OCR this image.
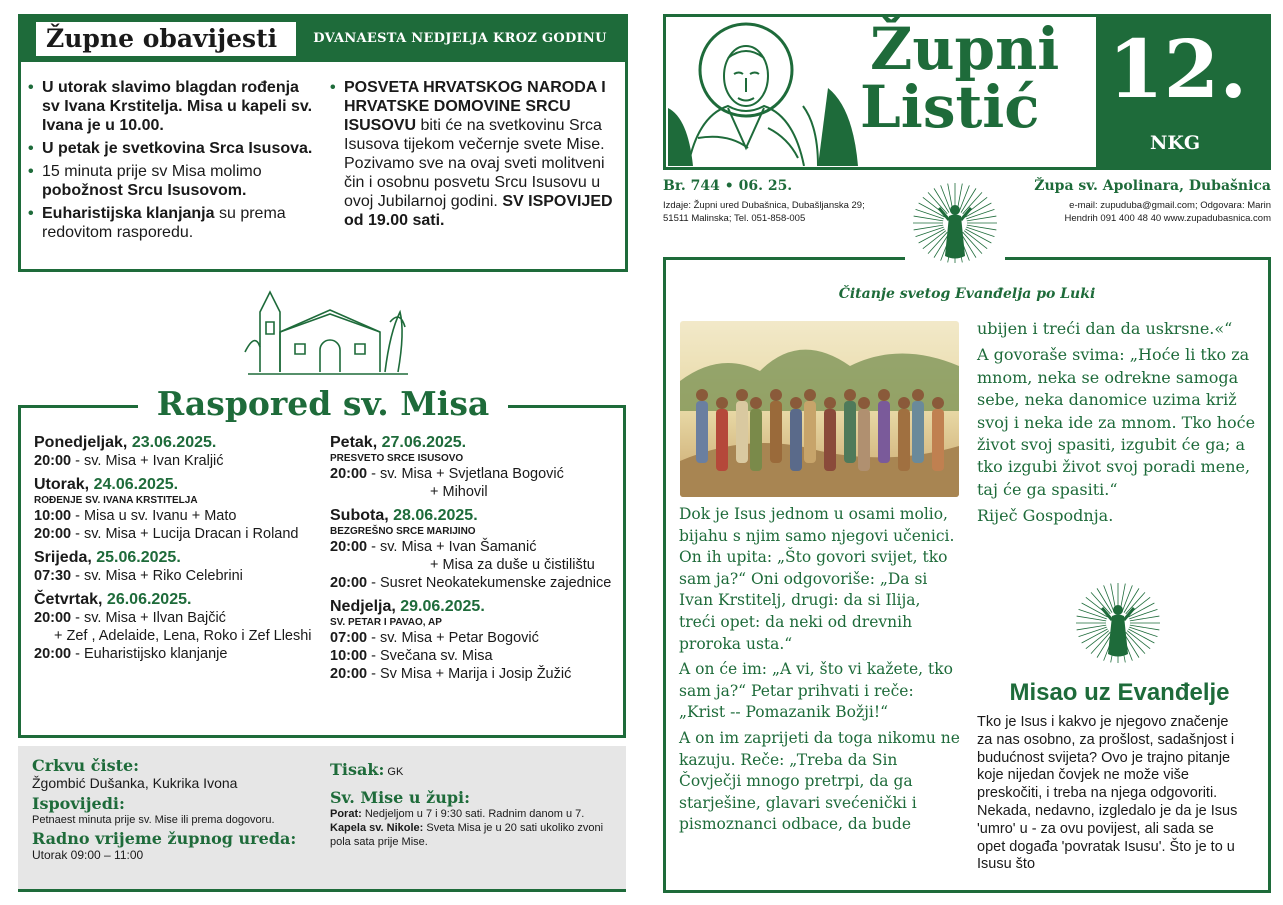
Župne obavijesti	DVANAESTA NEDJELJA KROZ GODINU
• U utorak slavimo blagdan rođenja sv Ivana Krstitelja. Misa u kapeli sv. Ivana je u 10.00.
• U petak je svetkovina Srca Isusova.
• 15 minuta prije sv Misa molimo pobožnost Srcu Isusovom.
• Euharistijska klanjanja su prema redovitom rasporedu.
• POSVETA HRVATSKOG NARODA I HRVATSKE DOMOVINE SRCU ISUSOVU biti će na svetkovinu Srca Isusova tijekom večernje svete Mise. Pozivamo sve na ovaj sveti molitveni čin i osobnu posvetu Srcu Isusovu u ovoj Jubilarnoj godini. SV ISPOVIJED od 19.00 sati.
Raspored sv. Misa
Ponedjeljak, 23.06.2025.
20:00 - sv. Misa + Ivan Kraljić
Utorak, 24.06.2025.
ROĐENJE SV. IVANA KRSTITELJA
10:00 - Misa u sv. Ivanu + Mato
20:00 - sv. Misa + Lucija Dracan i Roland
Srijeda, 25.06.2025.
07:30 - sv. Misa + Riko Celebrini
Četvrtak, 26.06.2025.
20:00 - sv. Misa + Ilvan Bajčić
+ Zef , Adelaide, Lena, Roko i Zef Lleshi
20:00 - Euharistijsko klanjanje
Petak, 27.06.2025.
PRESVETO SRCE ISUSOVO
20:00 - sv. Misa + Svjetlana Bogović
+ Mihovil
Subota, 28.06.2025.
BEZGREŠNO SRCE MARIJINO
20:00 - sv. Misa + Ivan Šamanić
+ Misa za duše u čistilištu
20:00 - Susret Neokatekumenske zajednice
Nedjelja, 29.06.2025.
SV. PETAR I PAVAO, AP
07:00 - sv. Misa + Petar Bogović
10:00 - Svečana sv. Misa
20:00 - Sv Misa + Marija i Josip Žužić
Crkvu čiste:
Žgombić Dušanka, Kukrika Ivona
Ispovijedi:
Petnaest minuta prije sv. Mise ili prema dogovoru.
Radno vrijeme župnog ureda:
Utorak 09:00 – 11:00
Tisak: GK
Sv. Mise u župi:
Porat: Nedjeljom u 7 i 9:30 sati. Radnim danom u 7.
Kapela sv. Nikole: Sveta Misa je u 20 sati ukoliko zvoni pola sata prije Mise.
Župni
Listić 12.
NKG
Br. 744 • 06. 25.
Izdaje: Župni ured Dubašnica, Dubašljanska 29;
51511 Malinska; Tel. 051-858-005
Župa sv. Apolinara, Dubašnica
e-mail: zupuduba@gmail.com; Odgovara: Marin
Hendrih 091 400 48 40 www.zupadubasnica.com
Čitanje svetog Evanđelja po Luki

Dok je Isus jednom u osami molio, bijahu s njim samo njegovi učenici. On ih upita: „Što govori svijet, tko sam ja?“ Oni odgovoriše: „Da si Ivan Krstitelj, drugi: da si Ilija, treći opet: da neki od drevnih proroka usta.“

A on će im: „A vi, što vi kažete, tko sam ja?“ Petar prihvati i reče: „Krist -- Pomazanik Božji!“

A on im zaprijeti da toga nikomu ne kazuju. Reče: „Treba da Sin Čovječji mnogo pretrpi, da ga starješine, glavari svećenički i pismoznanci odbace, da bude

ubijen i treći dan da uskrsne.«“

A govoraše svima: „Hoće li tko za mnom, neka se odrekne samoga sebe, neka danomice uzima križ svoj i neka ide za mnom. Tko hoće život svoj spasiti, izgubit će ga; a tko izgubi život svoj poradi mene, taj će ga spasiti.“

Riječ Gospodnja.

Misao uz Evanđelje
Tko je Isus i kakvo je njegovo značenje za nas osobno, za prošlost, sadašnjost i budućnost svijeta? Ovo je trajno pitanje koje nijedan čovjek ne može više preskočiti, i treba na njega odgovoriti. Nekada, nedavno, izgledalo je da je Isus 'umro' u - za ovu povijest, ali sada se opet događa 'povratak Isusu'. Što je to u Isusu što
